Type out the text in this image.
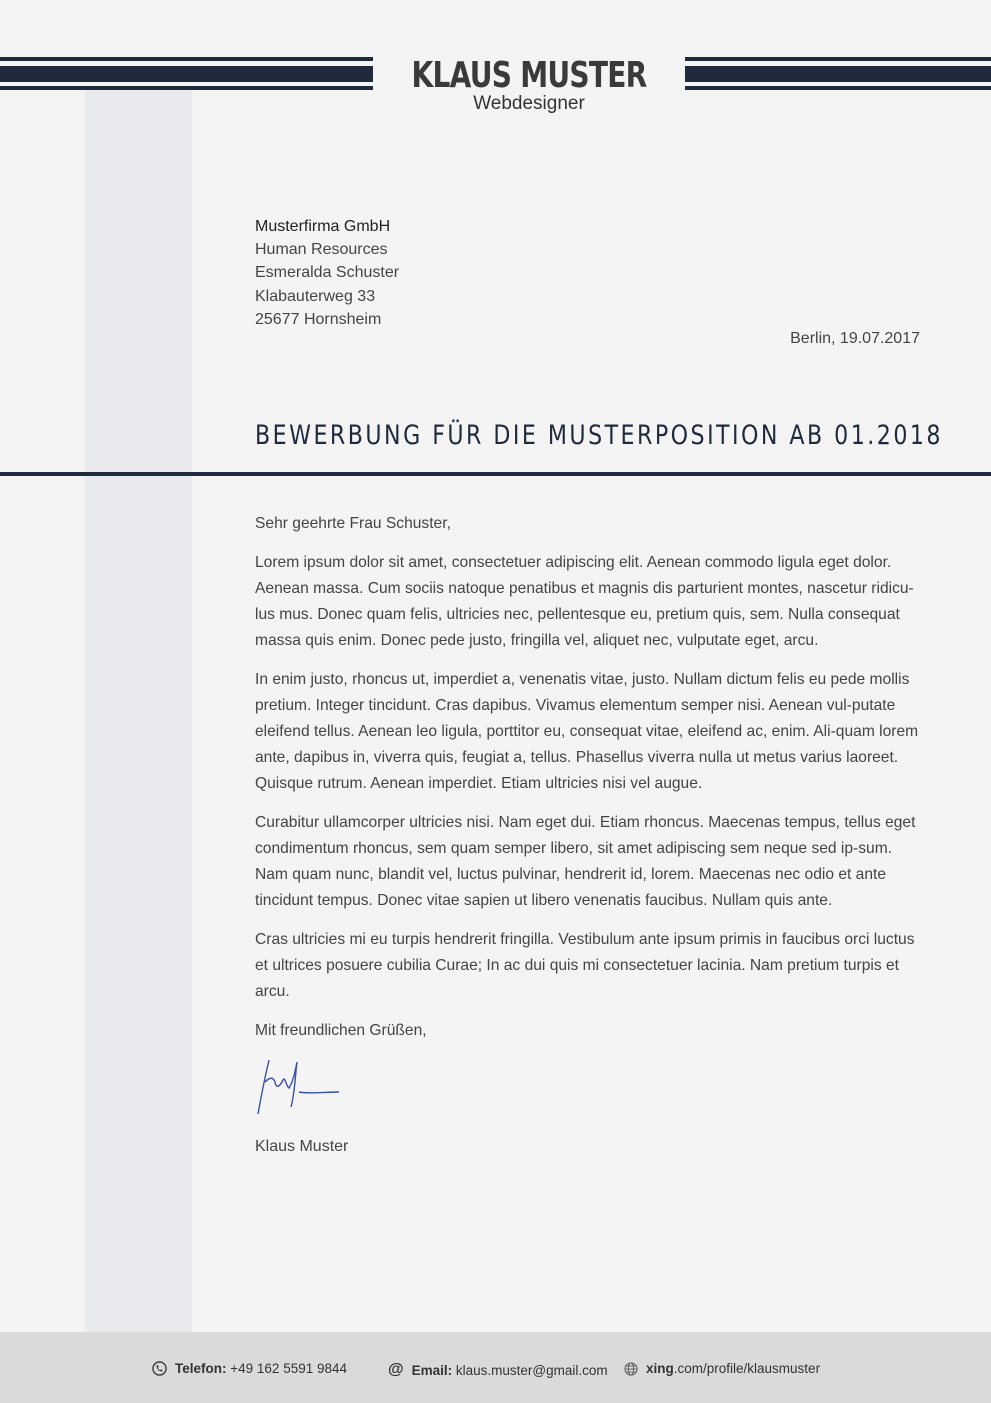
KLAUS MUSTER
Webdesigner
Musterfirma GmbH
Human Resources
Esmeralda Schuster
Klabauterweg 33
25677 Hornsheim
Berlin, 19.07.2017
BEWERBUNG FÜR DIE MUSTERPOSITION AB 01.2018

Sehr geehrte Frau Schuster,

Lorem ipsum dolor sit amet, consectetuer adipiscing elit. Aenean commodo ligula eget dolor. Aenean massa. Cum sociis natoque penatibus et magnis dis parturient montes, nascetur ridicu-lus mus. Donec quam felis, ultricies nec, pellentesque eu, pretium quis, sem. Nulla consequat massa quis enim. Donec pede justo, fringilla vel, aliquet nec, vulputate eget, arcu.

In enim justo, rhoncus ut, imperdiet a, venenatis vitae, justo. Nullam dictum felis eu pede mollis pretium. Integer tincidunt. Cras dapibus. Vivamus elementum semper nisi. Aenean vul-putate eleifend tellus. Aenean leo ligula, porttitor eu, consequat vitae, eleifend ac, enim. Ali-quam lorem ante, dapibus in, viverra quis, feugiat a, tellus. Phasellus viverra nulla ut metus varius laoreet. Quisque rutrum. Aenean imperdiet. Etiam ultricies nisi vel augue.

Curabitur ullamcorper ultricies nisi. Nam eget dui. Etiam rhoncus. Maecenas tempus, tellus eget condimentum rhoncus, sem quam semper libero, sit amet adipiscing sem neque sed ip-sum. Nam quam nunc, blandit vel, luctus pulvinar, hendrerit id, lorem. Maecenas nec odio et ante tincidunt tempus. Donec vitae sapien ut libero venenatis faucibus. Nullam quis ante.

Cras ultricies mi eu turpis hendrerit fringilla. Vestibulum ante ipsum primis in faucibus orci luctus et ultrices posuere cubilia Curae; In ac dui quis mi consectetuer lacinia. Nam pretium turpis et arcu.

Mit freundlichen Grüßen,

Klaus Muster
Telefon: +49 162 5591 9844	@ Email: klaus.muster@gmail.com	xing.com/profile/klausmuster
